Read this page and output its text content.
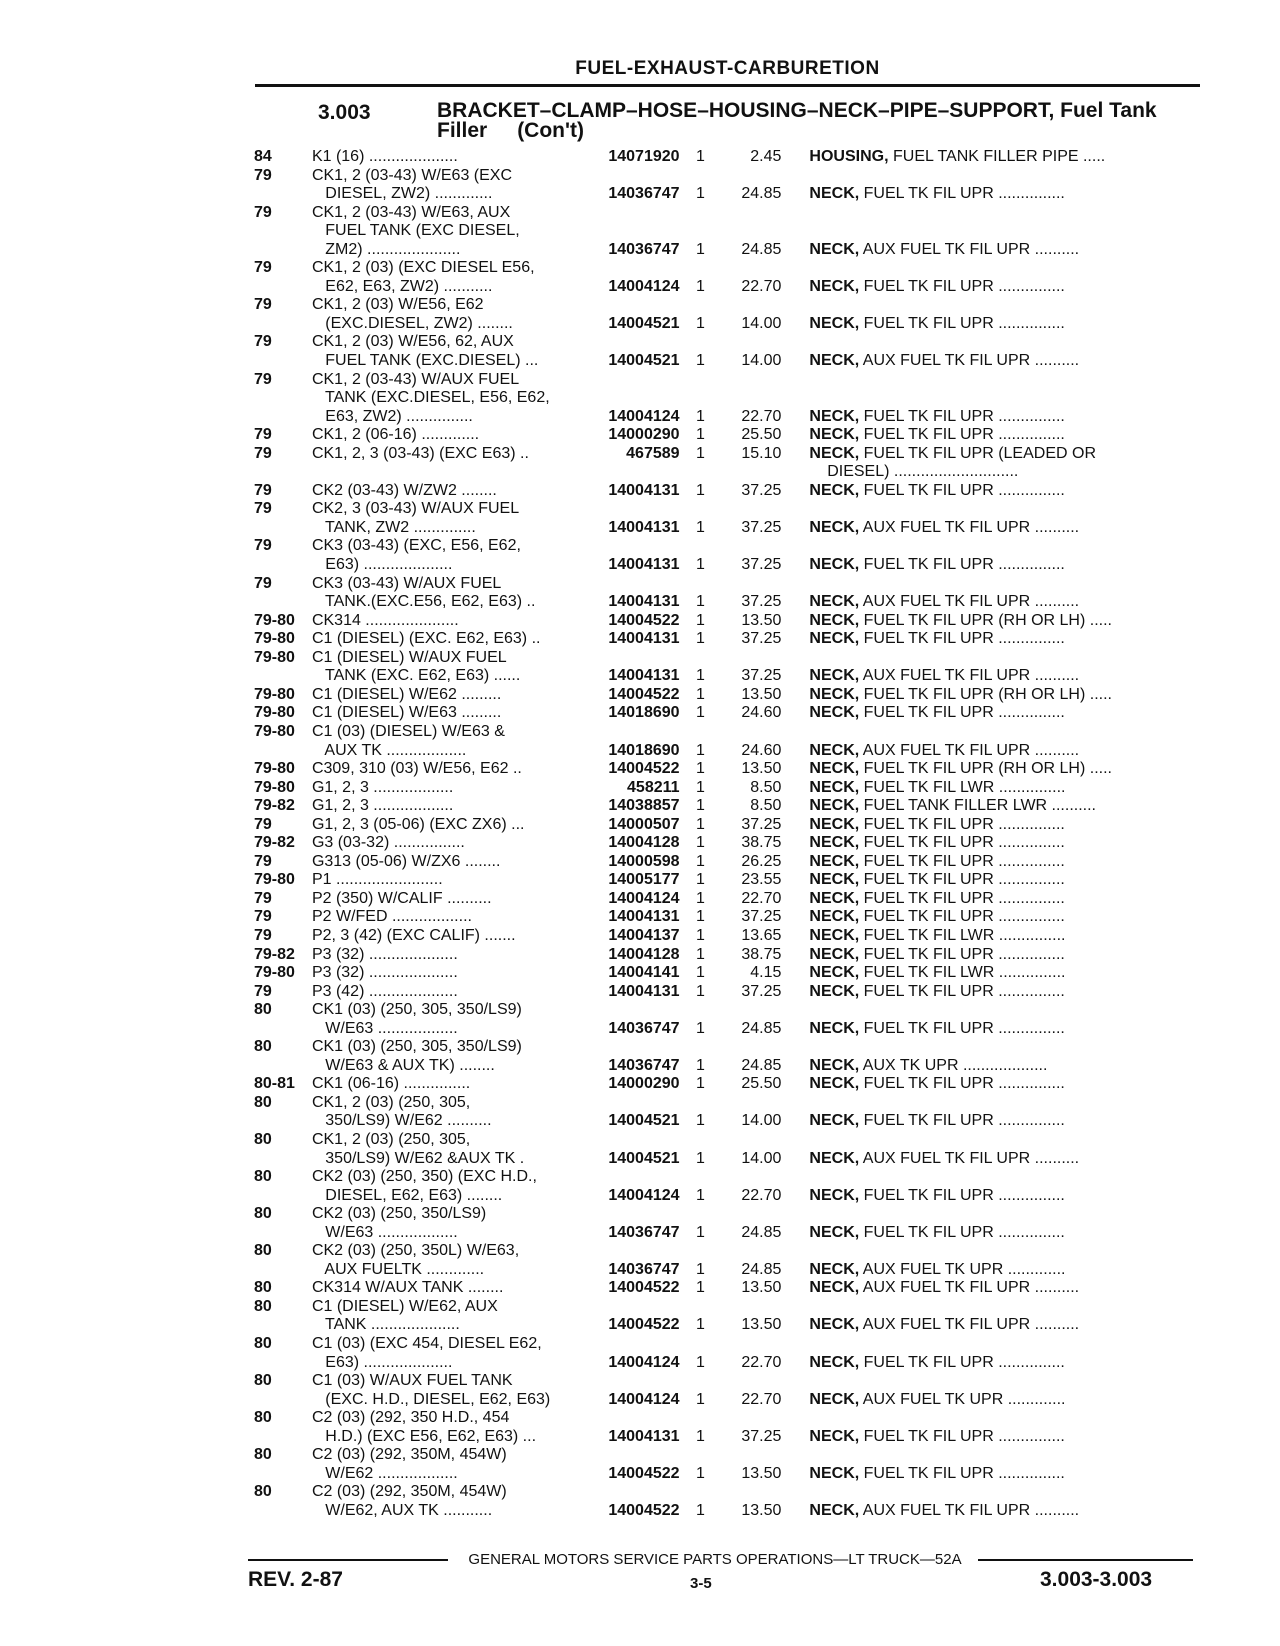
FUEL-EXHAUST-CARBURETION
3.003	BRACKET–CLAMP–HOSE–HOUSING–NECK–PIPE–SUPPORT, Fuel Tank
Filler (Con't)
84	K1 (16) ....................	14071920	1	2.45 HOUSING, FUEL TANK FILLER PIPE .....
79	CK1, 2 (03-43) W/E63 (EXC
DIESEL, ZW2) .............	14036747	1	24.85 NECK, FUEL TK FIL UPR ...............
79	CK1, 2 (03-43) W/E63, AUX
FUEL TANK (EXC DIESEL,
ZM2) .....................	14036747	1	24.85 NECK, AUX FUEL TK FIL UPR ..........
79	CK1, 2 (03) (EXC DIESEL E56,
E62, E63, ZW2) ...........	14004124	1	22.70 NECK, FUEL TK FIL UPR ...............
79	CK1, 2 (03) W/E56, E62
(EXC.DIESEL, ZW2) ........	14004521	1	14.00 NECK, FUEL TK FIL UPR ...............
79	CK1, 2 (03) W/E56, 62, AUX
FUEL TANK (EXC.DIESEL) ...	14004521	1	14.00 NECK, AUX FUEL TK FIL UPR ..........
79	CK1, 2 (03-43) W/AUX FUEL
TANK (EXC.DIESEL, E56, E62,
E63, ZW2) ...............	14004124	1	22.70 NECK, FUEL TK FIL UPR ...............
79	CK1, 2 (06-16) .............	14000290	1	25.50 NECK, FUEL TK FIL UPR ...............
79	CK1, 2, 3 (03-43) (EXC E63) ..	467589	1	15.10 NECK, FUEL TK FIL UPR (LEADED OR
DIESEL) ............................
79	CK2 (03-43) W/ZW2 ........	14004131	1	37.25 NECK, FUEL TK FIL UPR ...............
79	CK2, 3 (03-43) W/AUX FUEL
TANK, ZW2 ..............	14004131	1	37.25 NECK, AUX FUEL TK FIL UPR ..........
79	CK3 (03-43) (EXC, E56, E62,
E63) ....................	14004131	1	37.25 NECK, FUEL TK FIL UPR ...............
79	CK3 (03-43) W/AUX FUEL
TANK.(EXC.E56, E62, E63) ..	14004131	1	37.25 NECK, AUX FUEL TK FIL UPR ..........
79-80	CK314 .....................	14004522	1	13.50 NECK, FUEL TK FIL UPR (RH OR LH) .....
79-80	C1 (DIESEL) (EXC. E62, E63) ..	14004131	1	37.25 NECK, FUEL TK FIL UPR ...............
79-80	C1 (DIESEL) W/AUX FUEL
TANK (EXC. E62, E63) ......	14004131	1	37.25 NECK, AUX FUEL TK FIL UPR ..........
79-80	C1 (DIESEL) W/E62 .........	14004522	1	13.50 NECK, FUEL TK FIL UPR (RH OR LH) .....
79-80	C1 (DIESEL) W/E63 .........	14018690	1	24.60 NECK, FUEL TK FIL UPR ...............
79-80	C1 (03) (DIESEL) W/E63 &
AUX TK ..................	14018690	1	24.60 NECK, AUX FUEL TK FIL UPR ..........
79-80	C309, 310 (03) W/E56, E62 ..	14004522	1	13.50 NECK, FUEL TK FIL UPR (RH OR LH) .....
79-80	G1, 2, 3 ..................	458211	1	8.50 NECK, FUEL TK FIL LWR ...............
79-82	G1, 2, 3 ..................	14038857	1	8.50 NECK, FUEL TANK FILLER LWR ..........
79	G1, 2, 3 (05-06) (EXC ZX6) ...	14000507	1	37.25 NECK, FUEL TK FIL UPR ...............
79-82	G3 (03-32) ................	14004128	1	38.75 NECK, FUEL TK FIL UPR ...............
79	G313 (05-06) W/ZX6 ........	14000598	1	26.25 NECK, FUEL TK FIL UPR ...............
79-80	P1 ........................	14005177	1	23.55 NECK, FUEL TK FIL UPR ...............
79	P2 (350) W/CALIF ..........	14004124	1	22.70 NECK, FUEL TK FIL UPR ...............
79	P2 W/FED ..................	14004131	1	37.25 NECK, FUEL TK FIL UPR ...............
79	P2, 3 (42) (EXC CALIF) .......	14004137	1	13.65 NECK, FUEL TK FIL LWR ...............
79-82	P3 (32) ....................	14004128	1	38.75 NECK, FUEL TK FIL UPR ...............
79-80	P3 (32) ....................	14004141	1	4.15 NECK, FUEL TK FIL LWR ...............
79	P3 (42) ....................	14004131	1	37.25 NECK, FUEL TK FIL UPR ...............
80	CK1 (03) (250, 305, 350/LS9)
W/E63 ..................	14036747	1	24.85 NECK, FUEL TK FIL UPR ...............
80	CK1 (03) (250, 305, 350/LS9)
W/E63 & AUX TK) ........	14036747	1	24.85 NECK, AUX TK UPR ...................
80-81	CK1 (06-16) ...............	14000290	1	25.50 NECK, FUEL TK FIL UPR ...............
80	CK1, 2 (03) (250, 305,
350/LS9) W/E62 ..........	14004521	1	14.00 NECK, FUEL TK FIL UPR ...............
80	CK1, 2 (03) (250, 305,
350/LS9) W/E62 &AUX TK .	14004521	1	14.00 NECK, AUX FUEL TK FIL UPR ..........
80	CK2 (03) (250, 350) (EXC H.D.,
DIESEL, E62, E63) ........	14004124	1	22.70 NECK, FUEL TK FIL UPR ...............
80	CK2 (03) (250, 350/LS9)
W/E63 ..................	14036747	1	24.85 NECK, FUEL TK FIL UPR ...............
80	CK2 (03) (250, 350L) W/E63,
AUX FUELTK .............	14036747	1	24.85 NECK, AUX FUEL TK UPR .............
80	CK314 W/AUX TANK ........	14004522	1	13.50 NECK, AUX FUEL TK FIL UPR ..........
80	C1 (DIESEL) W/E62, AUX
TANK ....................	14004522	1	13.50 NECK, AUX FUEL TK FIL UPR ..........
80	C1 (03) (EXC 454, DIESEL E62,
E63) ....................	14004124	1	22.70 NECK, FUEL TK FIL UPR ...............
80	C1 (03) W/AUX FUEL TANK
(EXC. H.D., DIESEL, E62, E63)	14004124	1	22.70 NECK, AUX FUEL TK UPR .............
80	C2 (03) (292, 350 H.D., 454
H.D.) (EXC E56, E62, E63) ...	14004131	1	37.25 NECK, FUEL TK FIL UPR ...............
80	C2 (03) (292, 350M, 454W)
W/E62 ..................	14004522	1	13.50 NECK, FUEL TK FIL UPR ...............
80	C2 (03) (292, 350M, 454W)
W/E62, AUX TK ...........	14004522	1	13.50 NECK, AUX FUEL TK FIL UPR ..........
GENERAL MOTORS SERVICE PARTS OPERATIONS—LT TRUCK—52A
REV. 2-87	3-5	3.003-3.003
